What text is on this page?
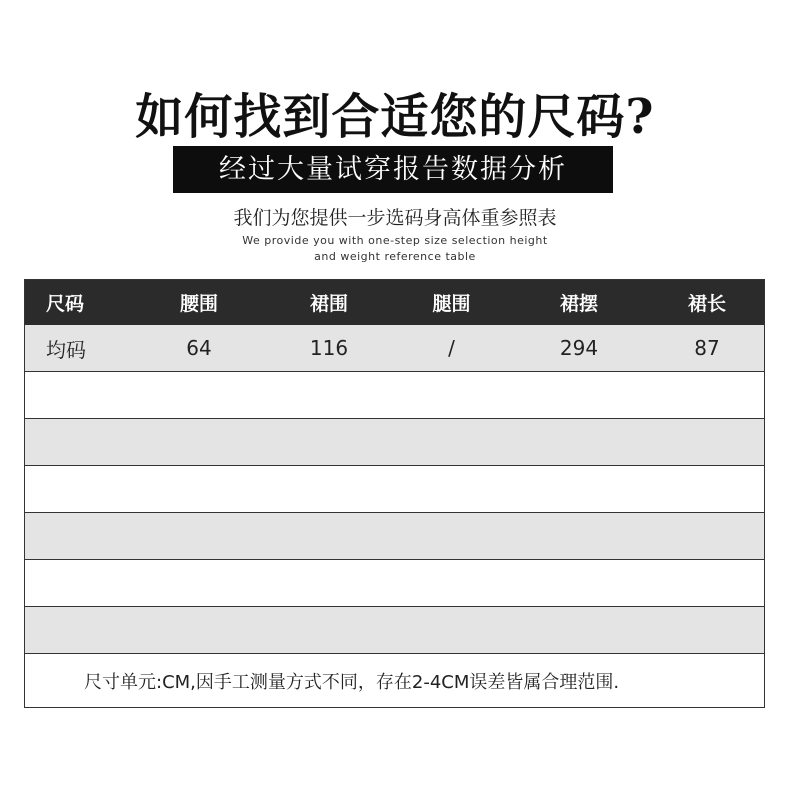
如何找到合适您的尺码?
经过大量试穿报告数据分析
我们为您提供一步选码身高体重参照表
We provide you with one-step size selection height
and weight reference table
尺码	腰围	裙围	腿围	裙摆	裙长
均码	64	116	/	294	87

尺寸单元:CM,因手工测量方式不同，存在2-4CM误差皆属合理范围.
